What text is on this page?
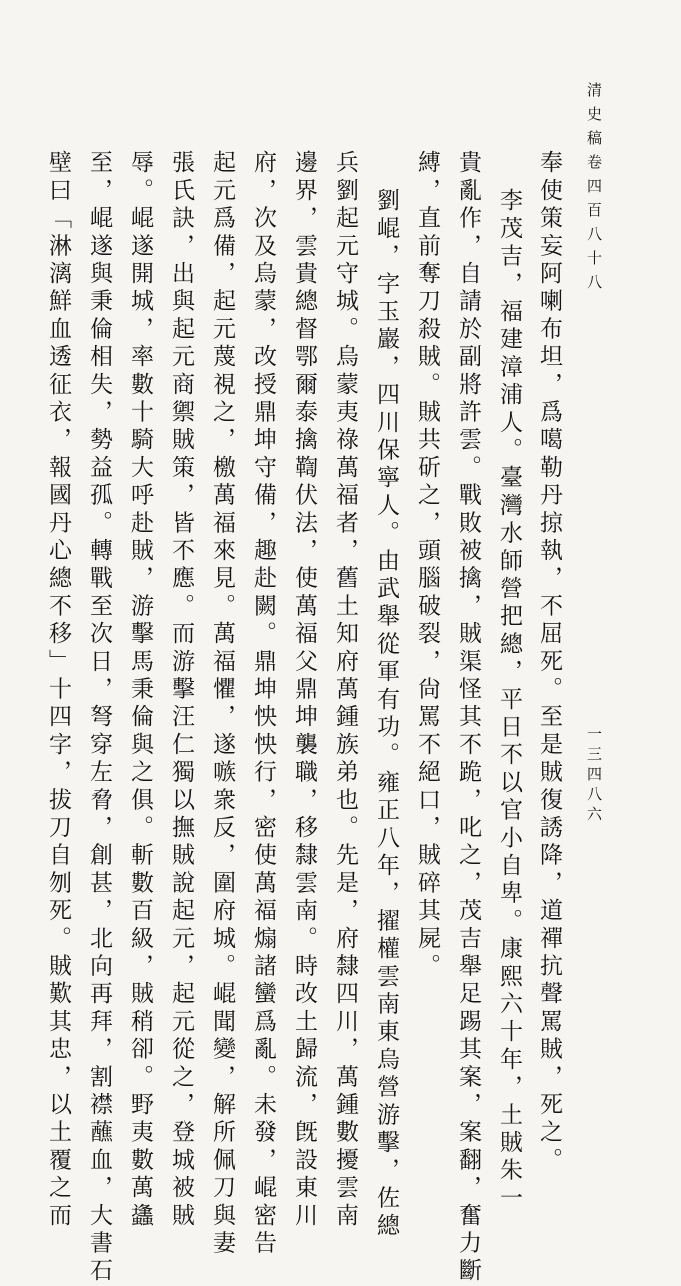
清史稿卷四百八十八
一三四八六
奉使策妄阿喇布坦，爲噶勒丹掠執，不屈死。至是賊復誘降，道禪抗聲罵賊，死之。
李茂吉，福建漳浦人。臺灣水師營把總，平日不以官小自卑。康熙六十年，土賊朱一
貴亂作，自請於副將許雲。戰敗被擒，賊渠怪其不跪，叱之，茂吉舉足踢其案，案翻，奮力斷
縛，直前奪刀殺賊。賊共斫之，頭腦破裂，尙罵不絕口，賊碎其屍。
劉崐，字玉巖，四川保寧人。由武舉從軍有功。雍正八年，擢權雲南東烏營游擊，佐總
兵劉起元守城。烏蒙夷祿萬福者，舊土知府萬鍾族弟也。先是，府隸四川，萬鍾數擾雲南
邊界，雲貴總督鄂爾泰擒鞫伏法，使萬福父鼎坤襲職，移隸雲南。時改土歸流，旣設東川
府，次及烏蒙，改授鼎坤守備，趣赴闕。鼎坤怏怏行，密使萬福煽諸蠻爲亂。未發，崐密告
起元爲備，起元蔑視之，檄萬福來見。萬福懼，遂嗾衆反，圍府城。崐聞變，解所佩刀與妻
張氏訣，出與起元商禦賊策，皆不應。而游擊汪仁獨以撫賊說起元，起元從之，登城被賊
辱。崐遂開城，率數十騎大呼赴賊，游擊馬秉倫與之俱。斬數百級，賊稍卻。野夷數萬蠭
至，崐遂與秉倫相失，勢益孤。轉戰至次日，弩穿左脅，創甚，北向再拜，割襟蘸血，大書石
壁曰「淋漓鮮血透征衣，報國丹心總不移」十四字，拔刀自刎死。賊歎其忠，以土覆之而
